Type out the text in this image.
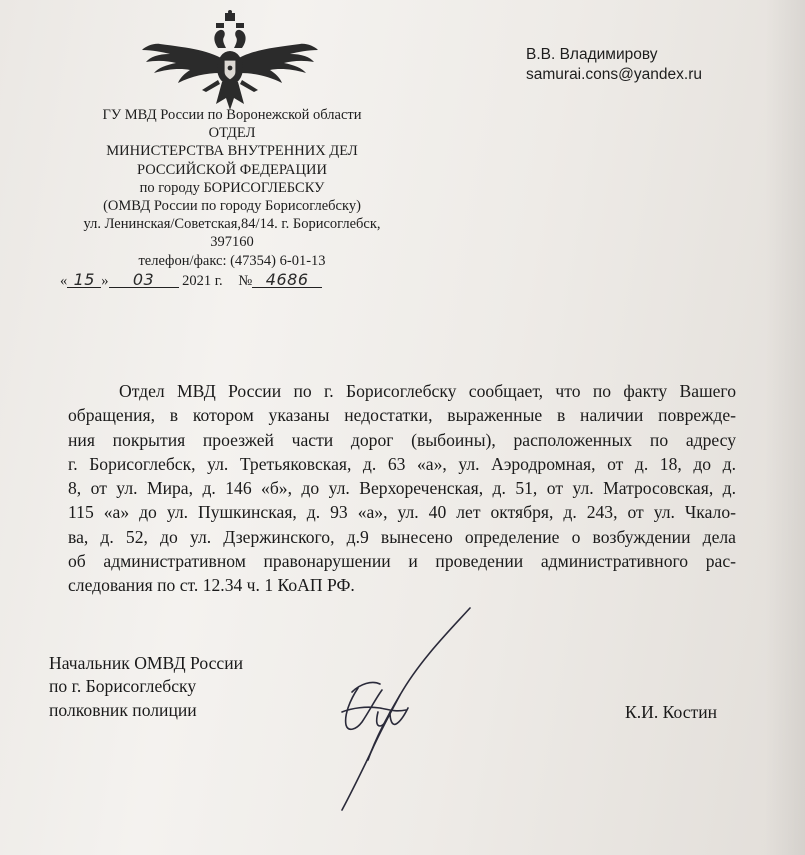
ГУ МВД России по Воронежской области
ОТДЕЛ
МИНИСТЕРСТВА ВНУТРЕННИХ ДЕЛ
РОССИЙСКОЙ ФЕДЕРАЦИИ
по городу БОРИСОГЛЕБСКУ
(ОМВД России по городу Борисоглебску)
ул. Ленинская/Советская,84/14. г. Борисоглебск,
397160
телефон/факс: (47354) 6-01-13
« 15 » 03 2021 г. № 4686
В.В. Владимирову
samurai.cons@yandex.ru
Отдел МВД России по г. Борисоглебску сообщает, что по факту Вашего
обращения, в котором указаны недостатки, выраженные в наличии поврежде-
ния покрытия проезжей части дорог (выбоины), расположенных по адресу
г. Борисоглебск, ул. Третьяковская, д. 63 «а», ул. Аэродромная, от д. 18, до д.
8, от ул. Мира, д. 146 «б», до ул. Верхореченская, д. 51, от ул. Матросовская, д.
115 «а» до ул. Пушкинская, д. 93 «а», ул. 40 лет октября, д. 243, от ул. Чкало-
ва, д. 52, до ул. Дзержинского, д.9 вынесено определение о возбуждении дела
об административном правонарушении и проведении административного рас-
следования по ст. 12.34 ч. 1 КоАП РФ.
Начальник ОМВД России
по г. Борисоглебску
полковник полиции	К.И. Костин
